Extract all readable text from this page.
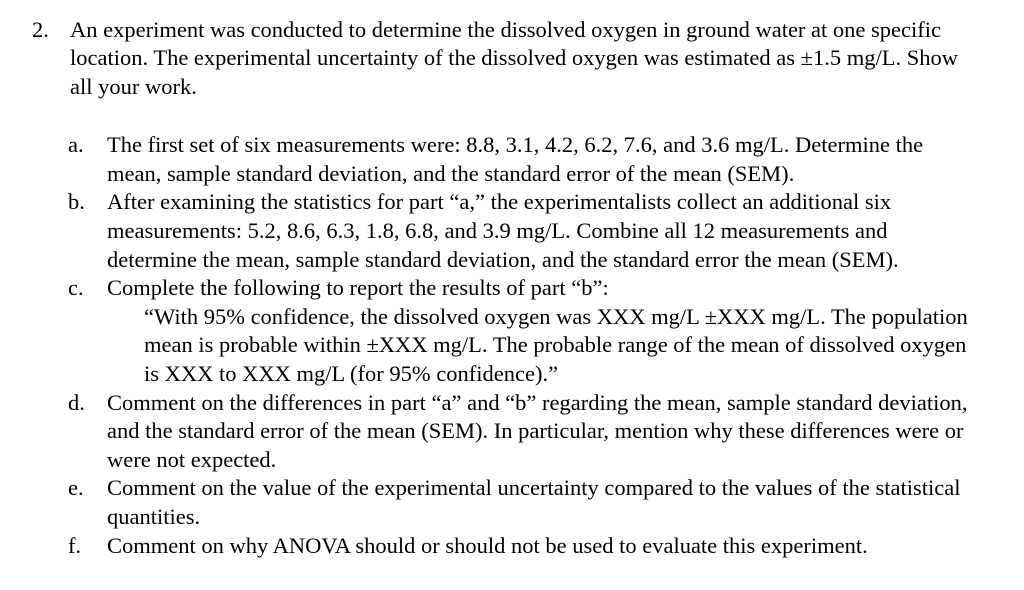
2. An experiment was conducted to determine the dissolved oxygen in ground water at one specific location. The experimental uncertainty of the dissolved oxygen was estimated as ±1.5 mg/L. Show all your work.
a.	The first set of six measurements were: 8.8, 3.1, 4.2, 6.2, 7.6, and 3.6 mg/L. Determine the mean, sample standard deviation, and the standard error of the mean (SEM).
b. After examining the statistics for part “a,” the experimentalists collect an additional six measurements: 5.2, 8.6, 6.3, 1.8, 6.8, and 3.9 mg/L. Combine all 12 measurements and determine the mean, sample standard deviation, and the standard error the mean (SEM).
c.	Complete the following to report the results of part “b”:
“With 95% confidence, the dissolved oxygen was XXX mg/L ±XXX mg/L. The population mean is probable within ±XXX mg/L. The probable range of the mean of dissolved oxygen is XXX to XXX mg/L (for 95% confidence).”
d. Comment on the differences in part “a” and “b” regarding the mean, sample standard deviation, and the standard error of the mean (SEM). In particular, mention why these differences were or were not expected.
e.	Comment on the value of the experimental uncertainty compared to the values of the statistical quantities.
f.	Comment on why ANOVA should or should not be used to evaluate this experiment.
